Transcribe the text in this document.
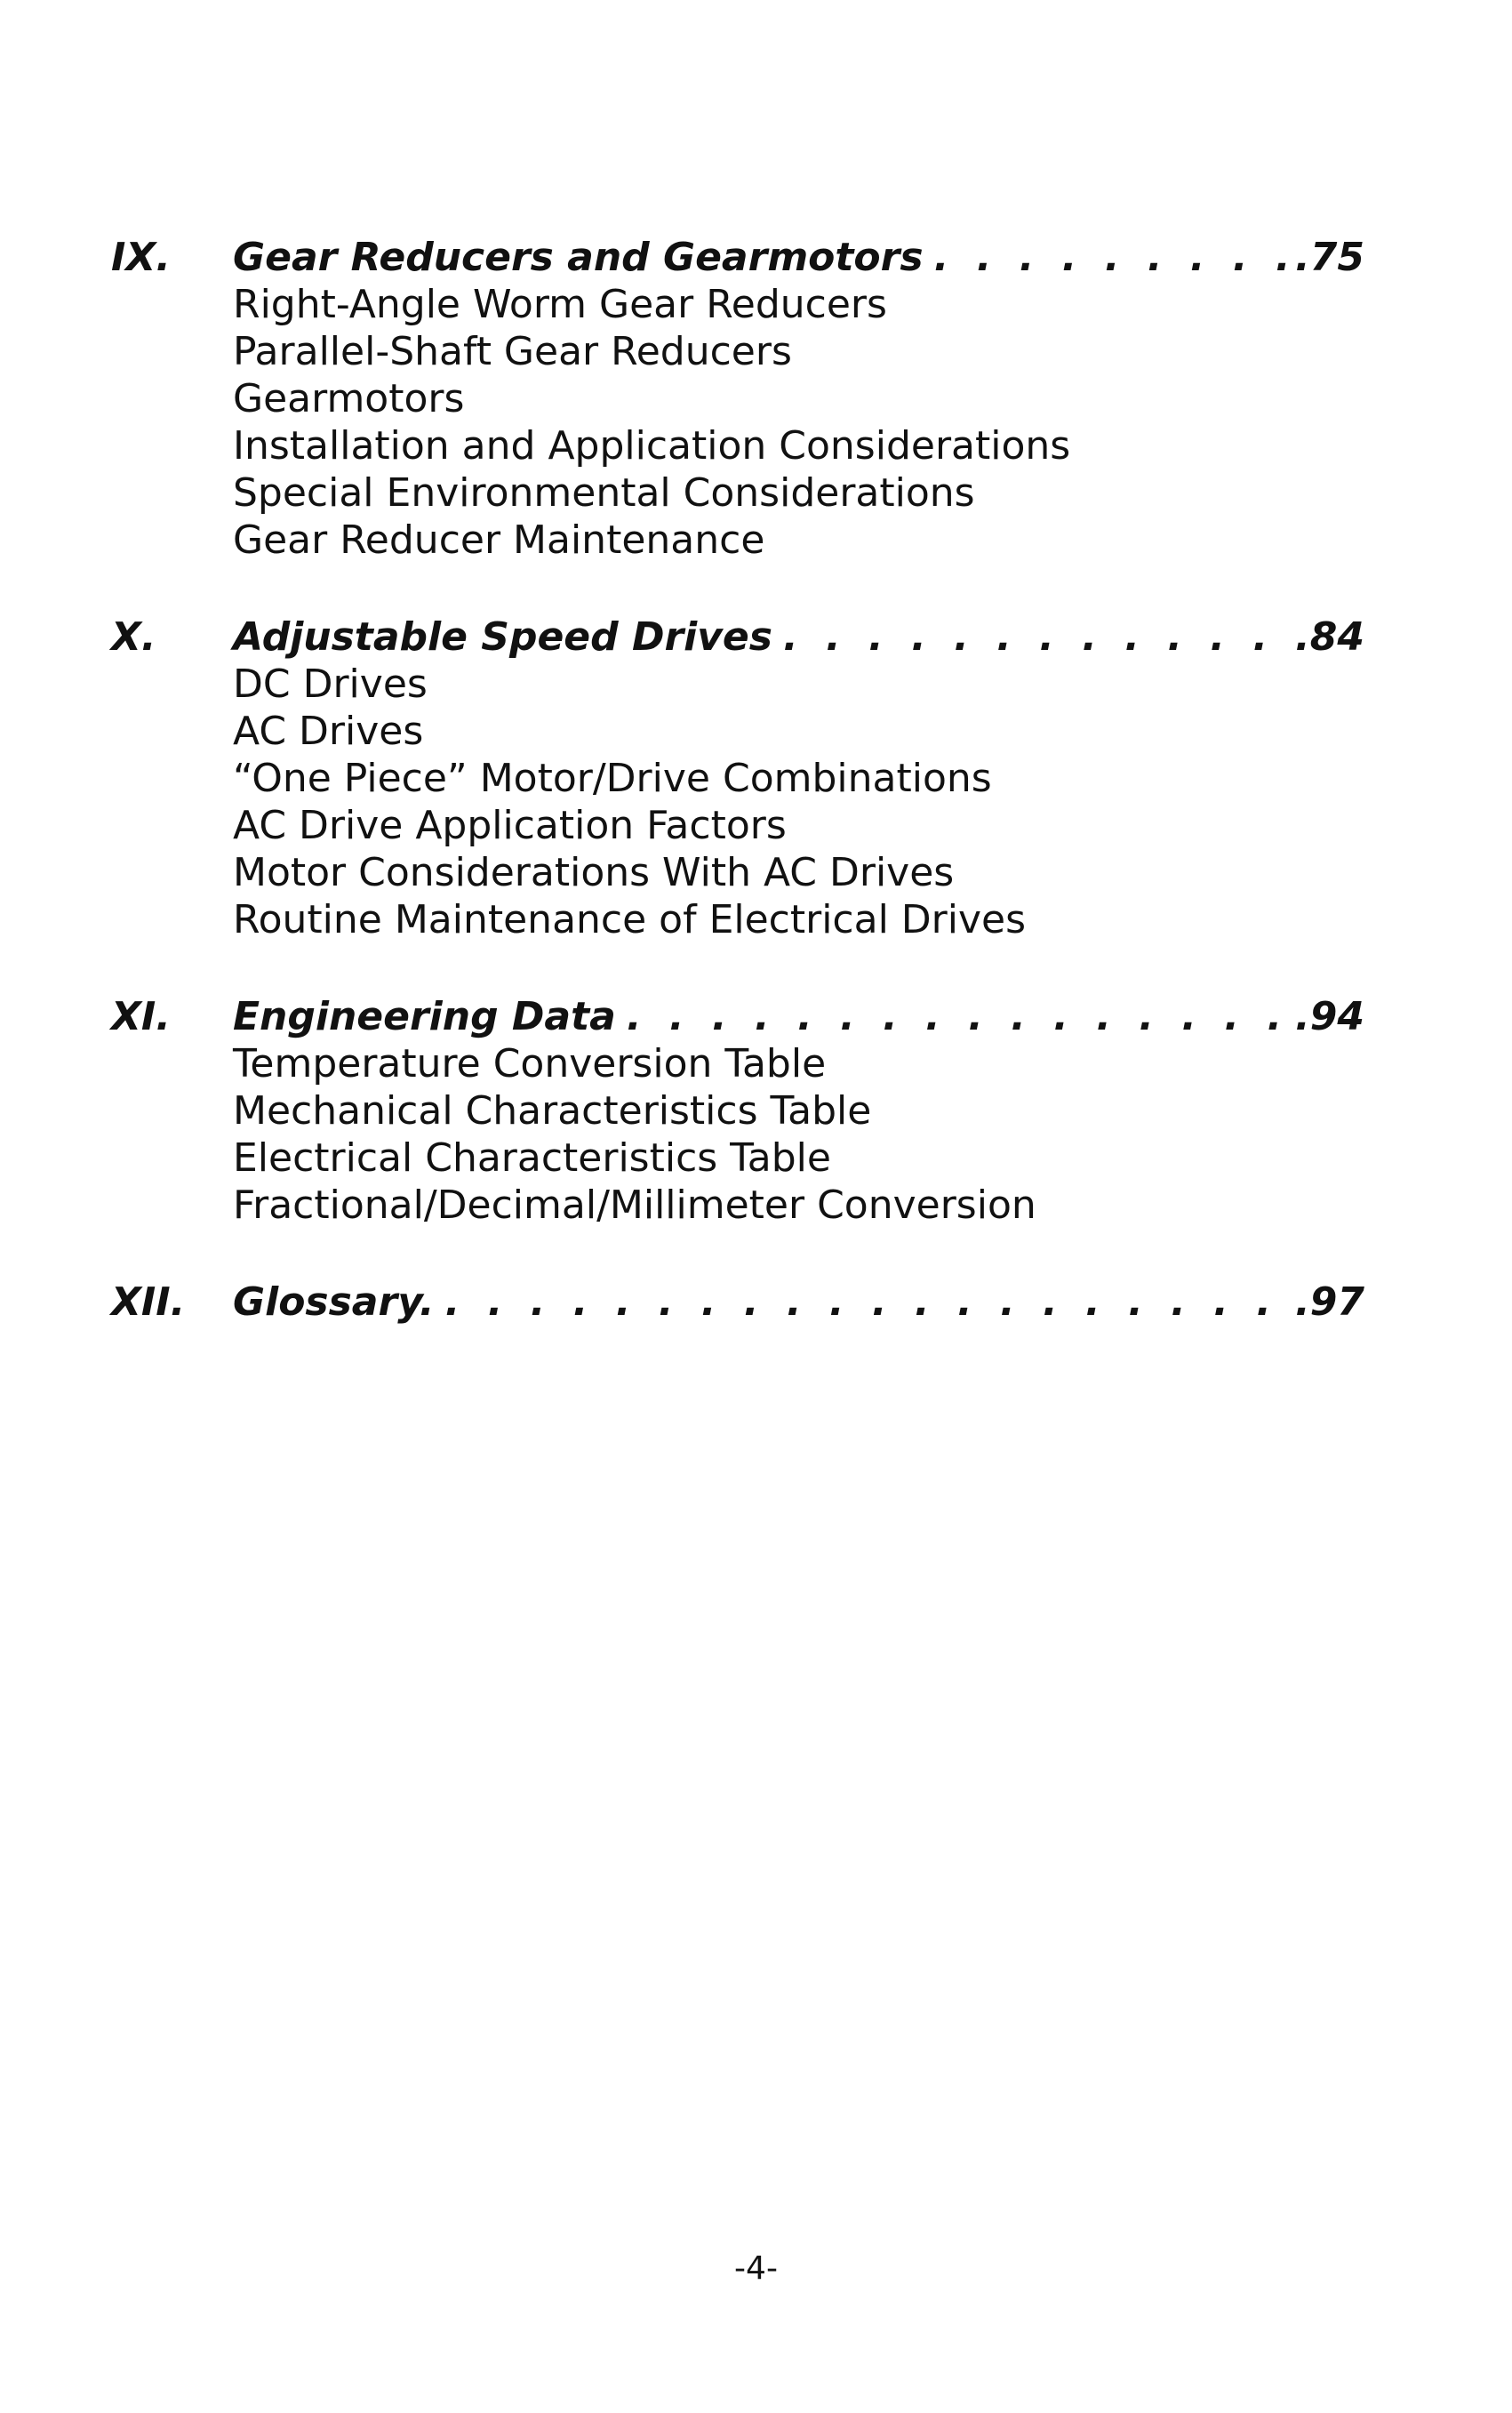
IX.	Gear Reducers and Gearmotors . . .	.75
Right-Angle Worm Gear Reducers
Parallel-Shaft Gear Reducers
Gearmotors
Installation and Application Considerations
Special Environmental Considerations
Gear Reducer Maintenance
X.	Adjustable Speed Drives . . .	.84
DC Drives
AC Drives
“One Piece” Motor/Drive Combinations
AC Drive Application Factors
Motor Considerations With AC Drives
Routine Maintenance of Electrical Drives
XI.	Engineering Data . . .	.94
Temperature Conversion Table
Mechanical Characteristics Table
Electrical Characteristics Table
Fractional/Decimal/Millimeter Conversion
XII.	Glossary. . . .	.97
-4-
